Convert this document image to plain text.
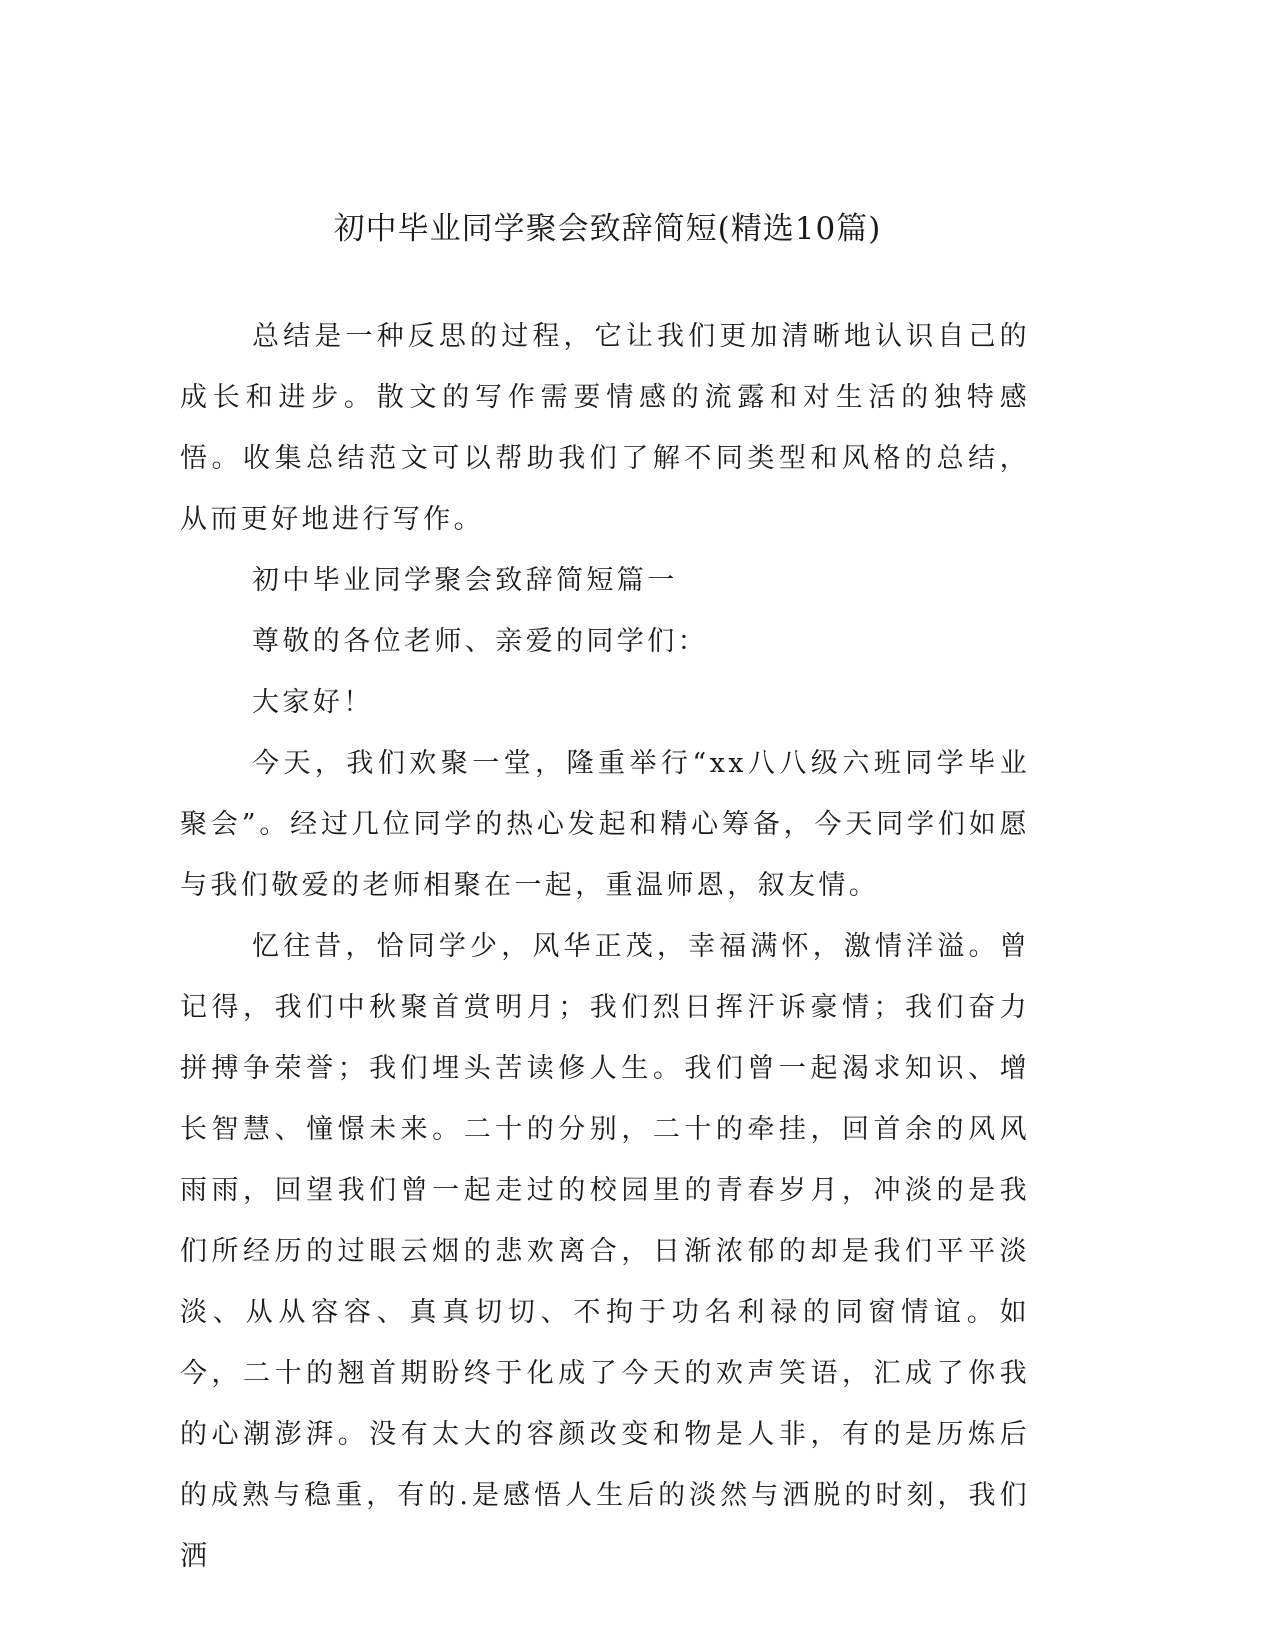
初中毕业同学聚会致辞简短(精选10篇)

总结是一种反思的过程，它让我们更加清晰地认识自己的成长和进步。散文的写作需要情感的流露和对生活的独特感悟。收集总结范文可以帮助我们了解不同类型和风格的总结，从而更好地进行写作。

初中毕业同学聚会致辞简短篇一

尊敬的各位老师、亲爱的同学们：

大家好！

今天，我们欢聚一堂，隆重举行“xx八八级六班同学毕业聚会”。经过几位同学的热心发起和精心筹备，今天同学们如愿与我们敬爱的老师相聚在一起，重温师恩，叙友情。

忆往昔，恰同学少，风华正茂，幸福满怀，激情洋溢。曾记得，我们中秋聚首赏明月；我们烈日挥汗诉豪情；我们奋力拼搏争荣誉；我们埋头苦读修人生。我们曾一起渴求知识、增长智慧、憧憬未来。二十的分别，二十的牵挂，回首余的风风雨雨，回望我们曾一起走过的校园里的青春岁月，冲淡的是我们所经历的过眼云烟的悲欢离合，日渐浓郁的却是我们平平淡淡、从从容容、真真切切、不拘于功名利禄的同窗情谊。如今，二十的翘首期盼终于化成了今天的欢声笑语，汇成了你我的心潮澎湃。没有太大的容颜改变和物是人非，有的是历炼后的成熟与稳重，有的.是感悟人生后的淡然与洒脱的时刻，我们洒
